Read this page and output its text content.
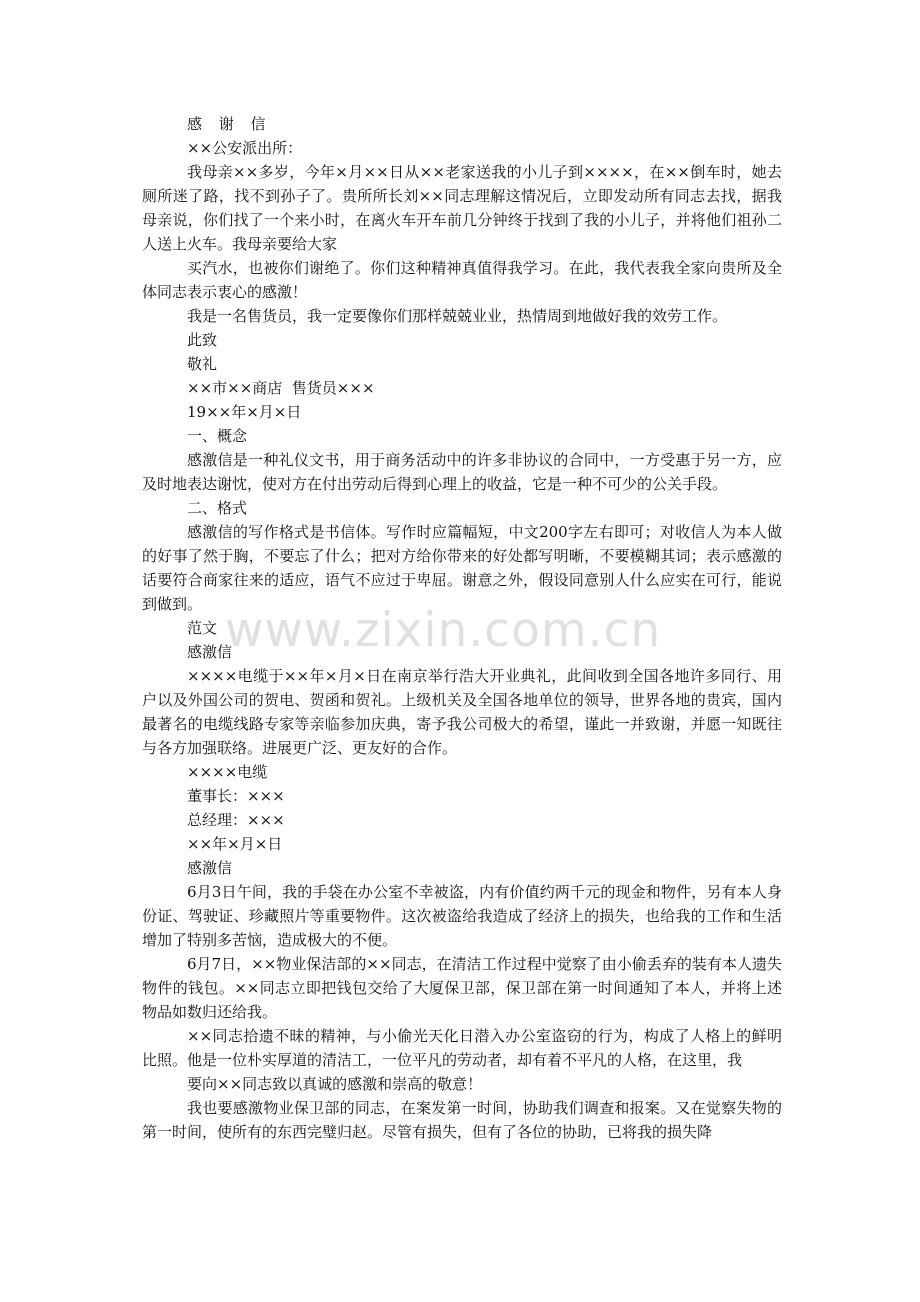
感 谢 信

××公安派出所：

我母亲××多岁，今年×月××日从××老家送我的小儿子到××××，在××倒车时，她去厕所迷了路，找不到孙子了。贵所所长刘××同志理解这情况后，立即发动所有同志去找，据我母亲说，你们找了一个来小时，在离火车开车前几分钟终于找到了我的小儿子，并将他们祖孙二人送上火车。我母亲要给大家

买汽水，也被你们谢绝了。你们这种精神真值得我学习。在此，我代表我全家向贵所及全体同志表示衷心的感激！

我是一名售货员，我一定要像你们那样兢兢业业，热情周到地做好我的效劳工作。

此致

敬礼

××市××商店  售货员×××

19××年×月×日

一、概念

感激信是一种礼仪文书，用于商务活动中的许多非协议的合同中，一方受惠于另一方，应及时地表达谢忱，使对方在付出劳动后得到心理上的收益，它是一种不可少的公关手段。

二、格式

感激信的写作格式是书信体。写作时应篇幅短，中文200字左右即可；对收信人为本人做的好事了然于胸，不要忘了什么；把对方给你带来的好处都写明晰，不要模糊其词；表示感激的话要符合商家往来的适应，语气不应过于卑屈。谢意之外，假设同意别人什么应实在可行，能说到做到。

范文

感激信

××××电缆于××年×月×日在南京举行浩大开业典礼，此间收到全国各地许多同行、用户以及外国公司的贺电、贺函和贺礼。上级机关及全国各地单位的领导，世界各地的贵宾，国内最著名的电缆线路专家等亲临参加庆典，寄予我公司极大的希望，谨此一并致谢，并愿一知既往与各方加强联络。进展更广泛、更友好的合作。

××××电缆

董事长：×××

总经理：×××

××年×月×日

感激信

6月3日午间，我的手袋在办公室不幸被盗，内有价值约两千元的现金和物件，另有本人身份证、驾驶证、珍藏照片等重要物件。这次被盗给我造成了经济上的损失，也给我的工作和生活增加了特别多苦恼，造成极大的不便。

6月7日，××物业保洁部的××同志，在清洁工作过程中觉察了由小偷丢弃的装有本人遗失物件的钱包。××同志立即把钱包交给了大厦保卫部，保卫部在第一时间通知了本人，并将上述物品如数归还给我。

××同志拾遗不昧的精神，与小偷光天化日潜入办公室盗窃的行为，构成了人格上的鲜明比照。他是一位朴实厚道的清洁工，一位平凡的劳动者，却有着不平凡的人格，在这里，我

要向××同志致以真诚的感激和崇高的敬意！

我也要感激物业保卫部的同志，在案发第一时间，协助我们调查和报案。又在觉察失物的第一时间，使所有的东西完璧归赵。尽管有损失，但有了各位的协助，已将我的损失降

www.zixin.com.cn
